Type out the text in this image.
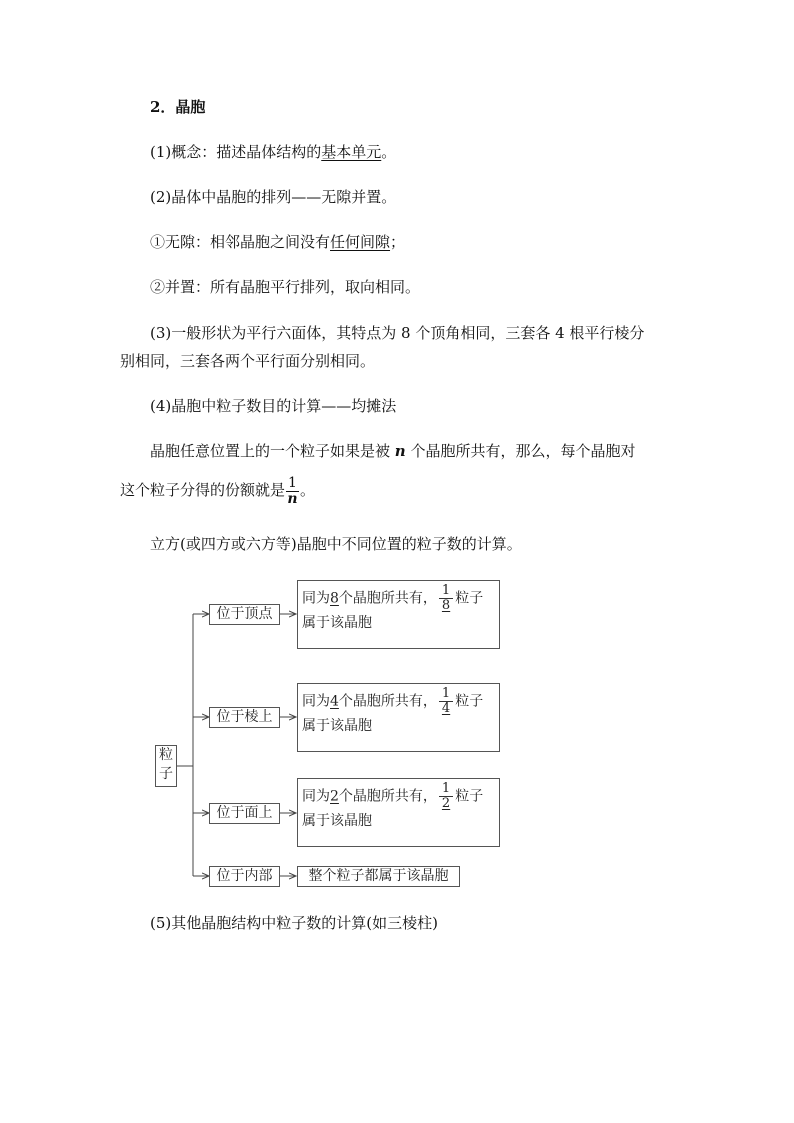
2．晶胞
(1)概念：描述晶体结构的基本单元。
(2)晶体中晶胞的排列——无隙并置。
①无隙：相邻晶胞之间没有任何间隙；
②并置：所有晶胞平行排列，取向相同。
(3)一般形状为平行六面体，其特点为 8 个顶角相同，三套各 4 根平行棱分
别相同，三套各两个平行面分别相同。
(4)晶胞中粒子数目的计算——均摊法
晶胞任意位置上的一个粒子如果是被 n 个晶胞所共有，那么，每个晶胞对
这个粒子分得的份额就是 $\frac{1}{n}$ 。
立方(或四方或六方等)晶胞中不同位置的粒子数的计算。
粒
子
位于顶点
位于棱上
位于面上
位于内部
同为8个晶胞所共有， $\frac{1}{8}$ 粒子
属于该晶胞
同为4个晶胞所共有， $\frac{1}{4}$ 粒子
属于该晶胞
同为2个晶胞所共有， $\frac{1}{2}$ 粒子
属于该晶胞
整个粒子都属于该晶胞
(5)其他晶胞结构中粒子数的计算(如三棱柱)
